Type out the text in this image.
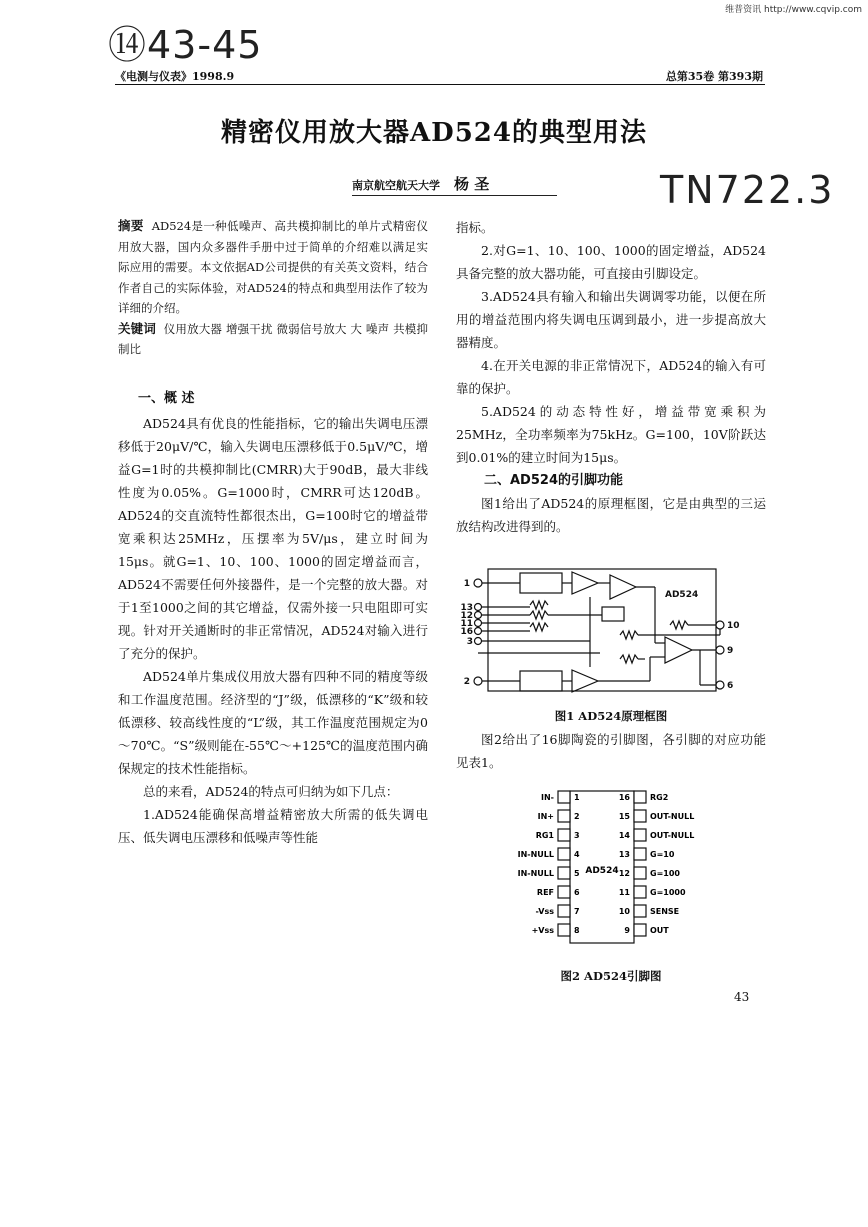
维普资讯 http://www.cqvip.com
⑭43-45
TN722.3
《电测与仪表》1998.9	总第35卷 第393期
精密仪用放大器AD524的典型用法
南京航空航天大学 杨 圣

摘要 AD524是一种低噪声、高共模抑制比的单片式精密仪用放大器，国内众多器件手册中过于简单的介绍难以满足实际应用的需要。本文依据AD公司提供的有关英文资料，结合作者自己的实际体验，对AD524的特点和典型用法作了较为详细的介绍。

关键词 仪用放大器 增强干扰 微弱信号放大 大 噪声 共模抑制比

一、概 述

AD524具有优良的性能指标，它的输出失调电压漂移低于20μV/℃，输入失调电压漂移低于0.5μV/℃，增益G=1时的共模抑制比(CMRR)大于90dB，最大非线性度为0.05%。G=1000时，CMRR可达120dB。AD524的交直流特性都很杰出，G=100时它的增益带宽乘积达25MHz，压摆率为5V/μs，建立时间为15μs。就G=1、10、100、1000的固定增益而言，AD524不需要任何外接器件，是一个完整的放大器。对于1至1000之间的其它增益，仅需外接一只电阻即可实现。针对开关通断时的非正常情况，AD524对输入进行了充分的保护。

AD524单片集成仪用放大器有四种不同的精度等级和工作温度范围。经济型的“J”级，低漂移的“K”级和较低漂移、较高线性度的“L”级，其工作温度范围规定为0～70℃。“S”级则能在-55℃～+125℃的温度范围内确保规定的技术性能指标。

总的来看，AD524的特点可归纳为如下几点：

1.AD524能确保高增益精密放大所需的低失调电压、低失调电压漂移和低噪声等性能

指标。

2.对G=1、10、100、1000的固定增益，AD524具备完整的放大器功能，可直接由引脚设定。

3.AD524具有输入和输出失调调零功能，以便在所用的增益范围内将失调电压调到最小，进一步提高放大器精度。

4.在开关电源的非正常情况下，AD524的输入有可靠的保护。

5.AD524的动态特性好，增益带宽乘积为25MHz，全功率频率为75kHz。G=100，10V阶跃达到0.01%的建立时间为15μs。

二、AD524的引脚功能

图1给出了AD524的原理框图，它是由典型的三运放结构改进得到的。

AD524
1
13
12
11
16
3
2
10
9
6
图1 AD524原理框图

图2给出了16脚陶瓷的引脚图，各引脚的对应功能见表1。

AD524
IN-	1
IN+	2
RG1	3
IN-NULL	4
IN-NULL	5
REF	6
-Vss	7
+Vss	8
16	RG2
15	OUT-NULL
14	OUT-NULL
13	G=10
12	G=100
11	G=1000
10	SENSE
9	OUT
图2 AD524引脚图
43
